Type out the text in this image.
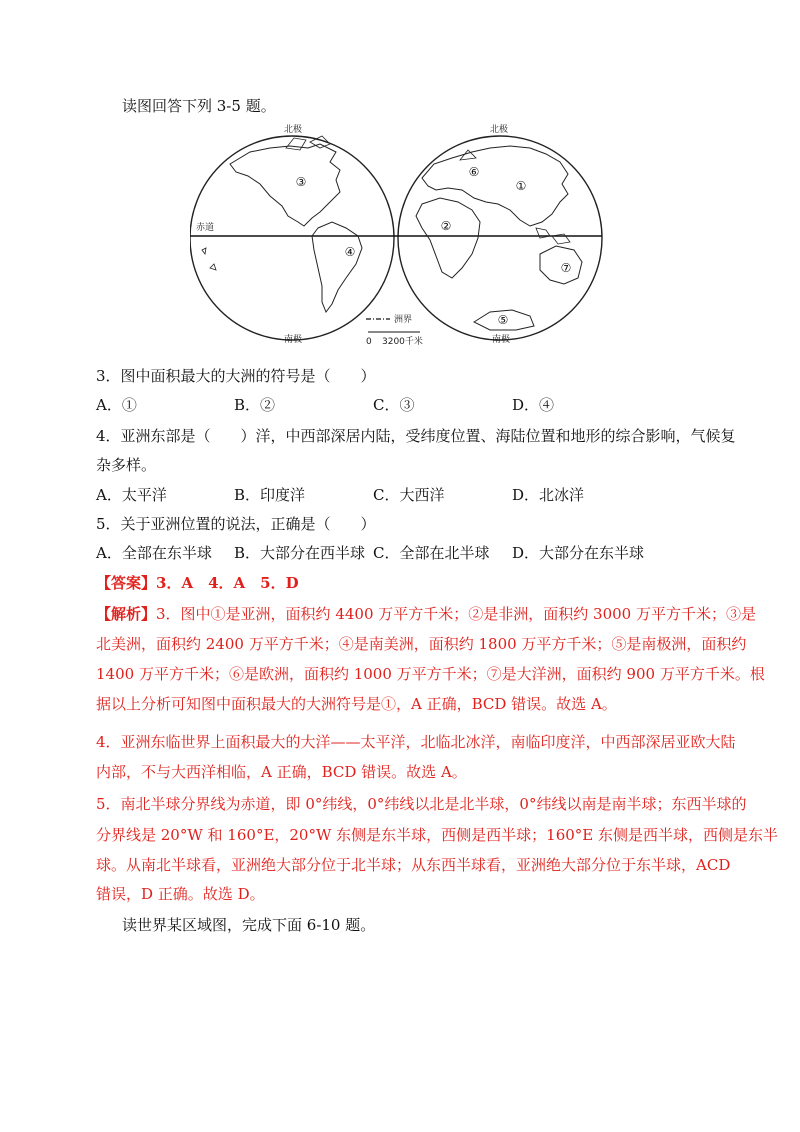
读图回答下列 3-5 题。
①
②
③
④
⑤
⑥
⑦
北极	北极
南极	南极
赤道
洲界
0 3200千米
3．图中面积最大的大洲的符号是（　　）
A．①	B．②	C．③	D．④
4．亚洲东部是（　　）洋，中西部深居内陆，受纬度位置、海陆位置和地形的综合影响，气候复
杂多样。
A．太平洋	B．印度洋	C．大西洋	D．北冰洋
5．关于亚洲位置的说法，正确是（　　）
A．全部在东半球 B．大部分在西半球 C．全部在北半球 D．大部分在东半球
【答案】3．A　4．A　5．D
【解析】3．图中①是亚洲，面积约 4400 万平方千米；②是非洲，面积约 3000 万平方千米；③是
北美洲，面积约 2400 万平方千米；④是南美洲，面积约 1800 万平方千米；⑤是南极洲，面积约
1400 万平方千米；⑥是欧洲，面积约 1000 万平方千米；⑦是大洋洲，面积约 900 万平方千米。根
据以上分析可知图中面积最大的大洲符号是①，A 正确，BCD 错误。故选 A。
4．亚洲东临世界上面积最大的大洋——太平洋，北临北冰洋，南临印度洋，中西部深居亚欧大陆
内部，不与大西洋相临，A 正确，BCD 错误。故选 A。
5．南北半球分界线为赤道，即 0°纬线，0°纬线以北是北半球，0°纬线以南是南半球；东西半球的
分界线是 20°W 和 160°E，20°W 东侧是东半球，西侧是西半球；160°E 东侧是西半球，西侧是东半
球。从南北半球看，亚洲绝大部分位于北半球；从东西半球看，亚洲绝大部分位于东半球，ACD
错误，D 正确。故选 D。
读世界某区域图，完成下面 6-10 题。
